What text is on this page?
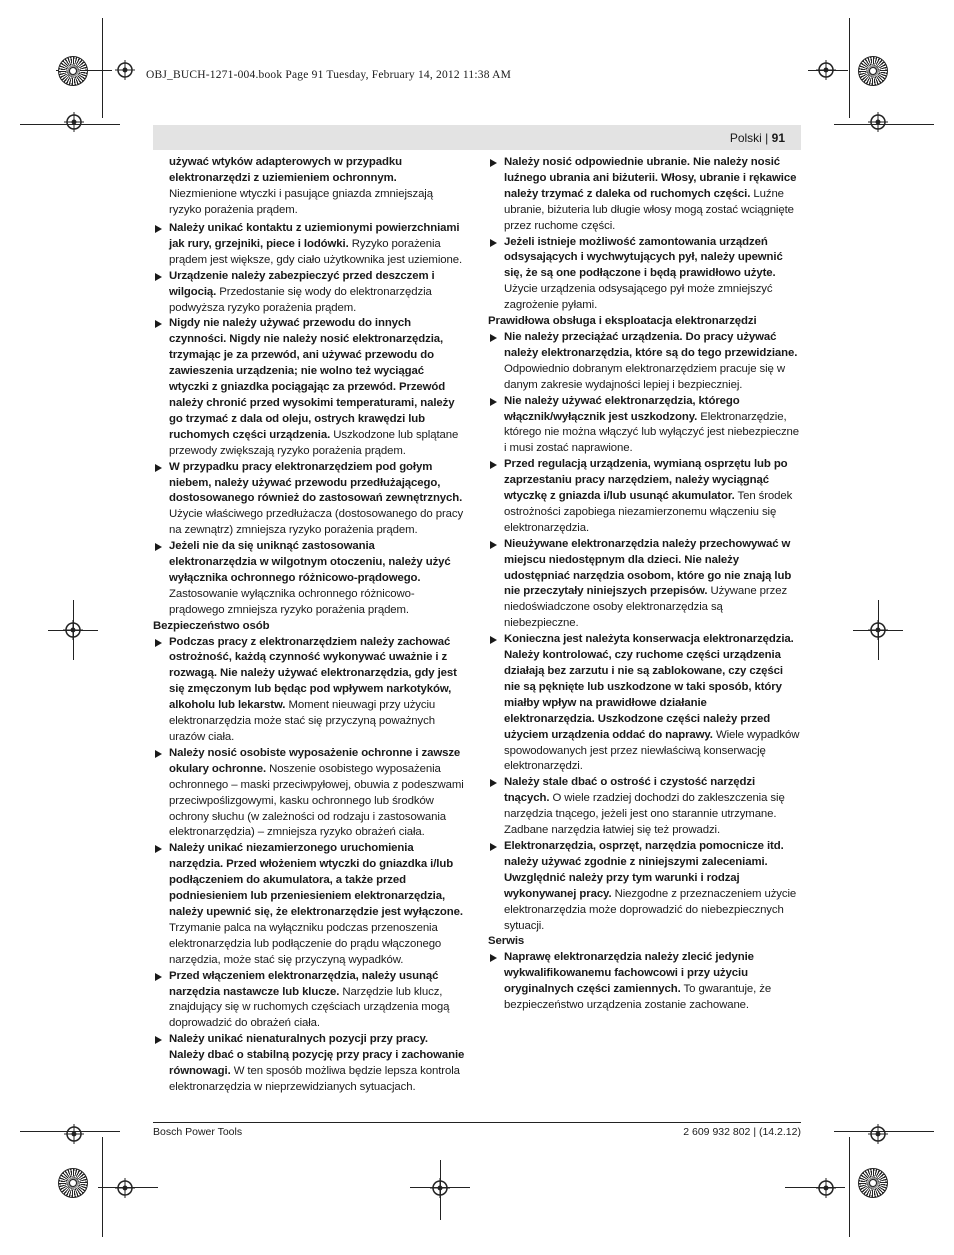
OBJ_BUCH-1271-004.book Page 91 Tuesday, February 14, 2012 11:38 AM
Polski | 91

używać wtyków adapterowych w przypadku elektronarzędzi z uziemieniem ochronnym. Niezmienione wtyczki i pasujące gniazda zmniejszają ryzyko porażenia prądem.

Należy unikać kontaktu z uziemionymi powierzchniami jak rury, grzejniki, piece i lodówki. Ryzyko porażenia prądem jest większe, gdy ciało użytkownika jest uziemione.

Urządzenie należy zabezpieczyć przed deszczem i wilgocią. Przedostanie się wody do elektronarzędzia podwyższa ryzyko porażenia prądem.

Nigdy nie należy używać przewodu do innych czynności. Nigdy nie należy nosić elektronarzędzia, trzymając je za przewód, ani używać przewodu do zawieszenia urządzenia; nie wolno też wyciągać wtyczki z gniazdka pociągając za przewód. Przewód należy chronić przed wysokimi temperaturami, należy go trzymać z dala od oleju, ostrych krawędzi lub ruchomych części urządzenia. Uszkodzone lub splątane przewody zwiększają ryzyko porażenia prądem.

W przypadku pracy elektronarzędziem pod gołym niebem, należy używać przewodu przedłużającego, dostosowanego również do zastosowań zewnętrznych. Użycie właściwego przedłużacza (dostosowanego do pracy na zewnątrz) zmniejsza ryzyko porażenia prądem.

Jeżeli nie da się uniknąć zastosowania elektronarzędzia w wilgotnym otoczeniu, należy użyć wyłącznika ochronnego różnicowo-prądowego. Zastosowanie wyłącznika ochronnego różnicowo-prądowego zmniejsza ryzyko porażenia prądem.

Bezpieczeństwo osób

Podczas pracy z elektronarzędziem należy zachować ostrożność, każdą czynność wykonywać uważnie i z rozwagą. Nie należy używać elektronarzędzia, gdy jest się zmęczonym lub będąc pod wpływem narkotyków, alkoholu lub lekarstw. Moment nieuwagi przy użyciu elektronarzędzia może stać się przyczyną poważnych urazów ciała.

Należy nosić osobiste wyposażenie ochronne i zawsze okulary ochronne. Noszenie osobistego wyposażenia ochronnego – maski przeciwpyłowej, obuwia z podeszwami przeciwpoślizgowymi, kasku ochronnego lub środków ochrony słuchu (w zależności od rodzaju i zastosowania elektronarzędzia) – zmniejsza ryzyko obrażeń ciała.

Należy unikać niezamierzonego uruchomienia narzędzia. Przed włożeniem wtyczki do gniazdka i/lub podłączeniem do akumulatora, a także przed podniesieniem lub przeniesieniem elektronarzędzia, należy upewnić się, że elektronarzędzie jest wyłączone. Trzymanie palca na wyłączniku podczas przenoszenia elektronarzędzia lub podłączenie do prądu włączonego narzędzia, może stać się przyczyną wypadków.

Przed włączeniem elektronarzędzia, należy usunąć narzędzia nastawcze lub klucze. Narzędzie lub klucz, znajdujący się w ruchomych częściach urządzenia mogą doprowadzić do obrażeń ciała.

Należy unikać nienaturalnych pozycji przy pracy. Należy dbać o stabilną pozycję przy pracy i zachowanie równowagi. W ten sposób możliwa będzie lepsza kontrola elektronarzędzia w nieprzewidzianych sytuacjach.

Należy nosić odpowiednie ubranie. Nie należy nosić luźnego ubrania ani biżuterii. Włosy, ubranie i rękawice należy trzymać z daleka od ruchomych części. Luźne ubranie, biżuteria lub długie włosy mogą zostać wciągnięte przez ruchome części.

Jeżeli istnieje możliwość zamontowania urządzeń odsysających i wychwytujących pył, należy upewnić się, że są one podłączone i będą prawidłowo użyte. Użycie urządzenia odsysającego pył może zmniejszyć zagrożenie pyłami.

Prawidłowa obsługa i eksploatacja elektronarzędzi

Nie należy przeciążać urządzenia. Do pracy używać należy elektronarzędzia, które są do tego przewidziane. Odpowiednio dobranym elektronarzędziem pracuje się w danym zakresie wydajności lepiej i bezpieczniej.

Nie należy używać elektronarzędzia, którego włącznik/wyłącznik jest uszkodzony. Elektronarzędzie, którego nie można włączyć lub wyłączyć jest niebezpieczne i musi zostać naprawione.

Przed regulacją urządzenia, wymianą osprzętu lub po zaprzestaniu pracy narzędziem, należy wyciągnąć wtyczkę z gniazda i/lub usunąć akumulator. Ten środek ostrożności zapobiega niezamierzonemu włączeniu się elektronarzędzia.

Nieużywane elektronarzędzia należy przechowywać w miejscu niedostępnym dla dzieci. Nie należy udostępniać narzędzia osobom, które go nie znają lub nie przeczytały niniejszych przepisów. Używane przez niedoświadczone osoby elektronarzędzia są niebezpieczne.

Konieczna jest należyta konserwacja elektronarzędzia. Należy kontrolować, czy ruchome części urządzenia działają bez zarzutu i nie są zablokowane, czy części nie są pęknięte lub uszkodzone w taki sposób, który miałby wpływ na prawidłowe działanie elektronarzędzia. Uszkodzone części należy przed użyciem urządzenia oddać do naprawy. Wiele wypadków spowodowanych jest przez niewłaściwą konserwację elektronarzędzi.

Należy stale dbać o ostrość i czystość narzędzi tnących. O wiele rzadziej dochodzi do zakleszczenia się narzędzia tnącego, jeżeli jest ono starannie utrzymane. Zadbane narzędzia łatwiej się też prowadzi.

Elektronarzędzia, osprzęt, narzędzia pomocnicze itd. należy używać zgodnie z niniejszymi zaleceniami. Uwzględnić należy przy tym warunki i rodzaj wykonywanej pracy. Niezgodne z przeznaczeniem użycie elektronarzędzia może doprowadzić do niebezpiecznych sytuacji.

Serwis

Naprawę elektronarzędzia należy zlecić jedynie wykwalifikowanemu fachowcowi i przy użyciu oryginalnych części zamiennych. To gwarantuje, że bezpieczeństwo urządzenia zostanie zachowane.

Bosch Power Tools	2 609 932 802 | (14.2.12)
